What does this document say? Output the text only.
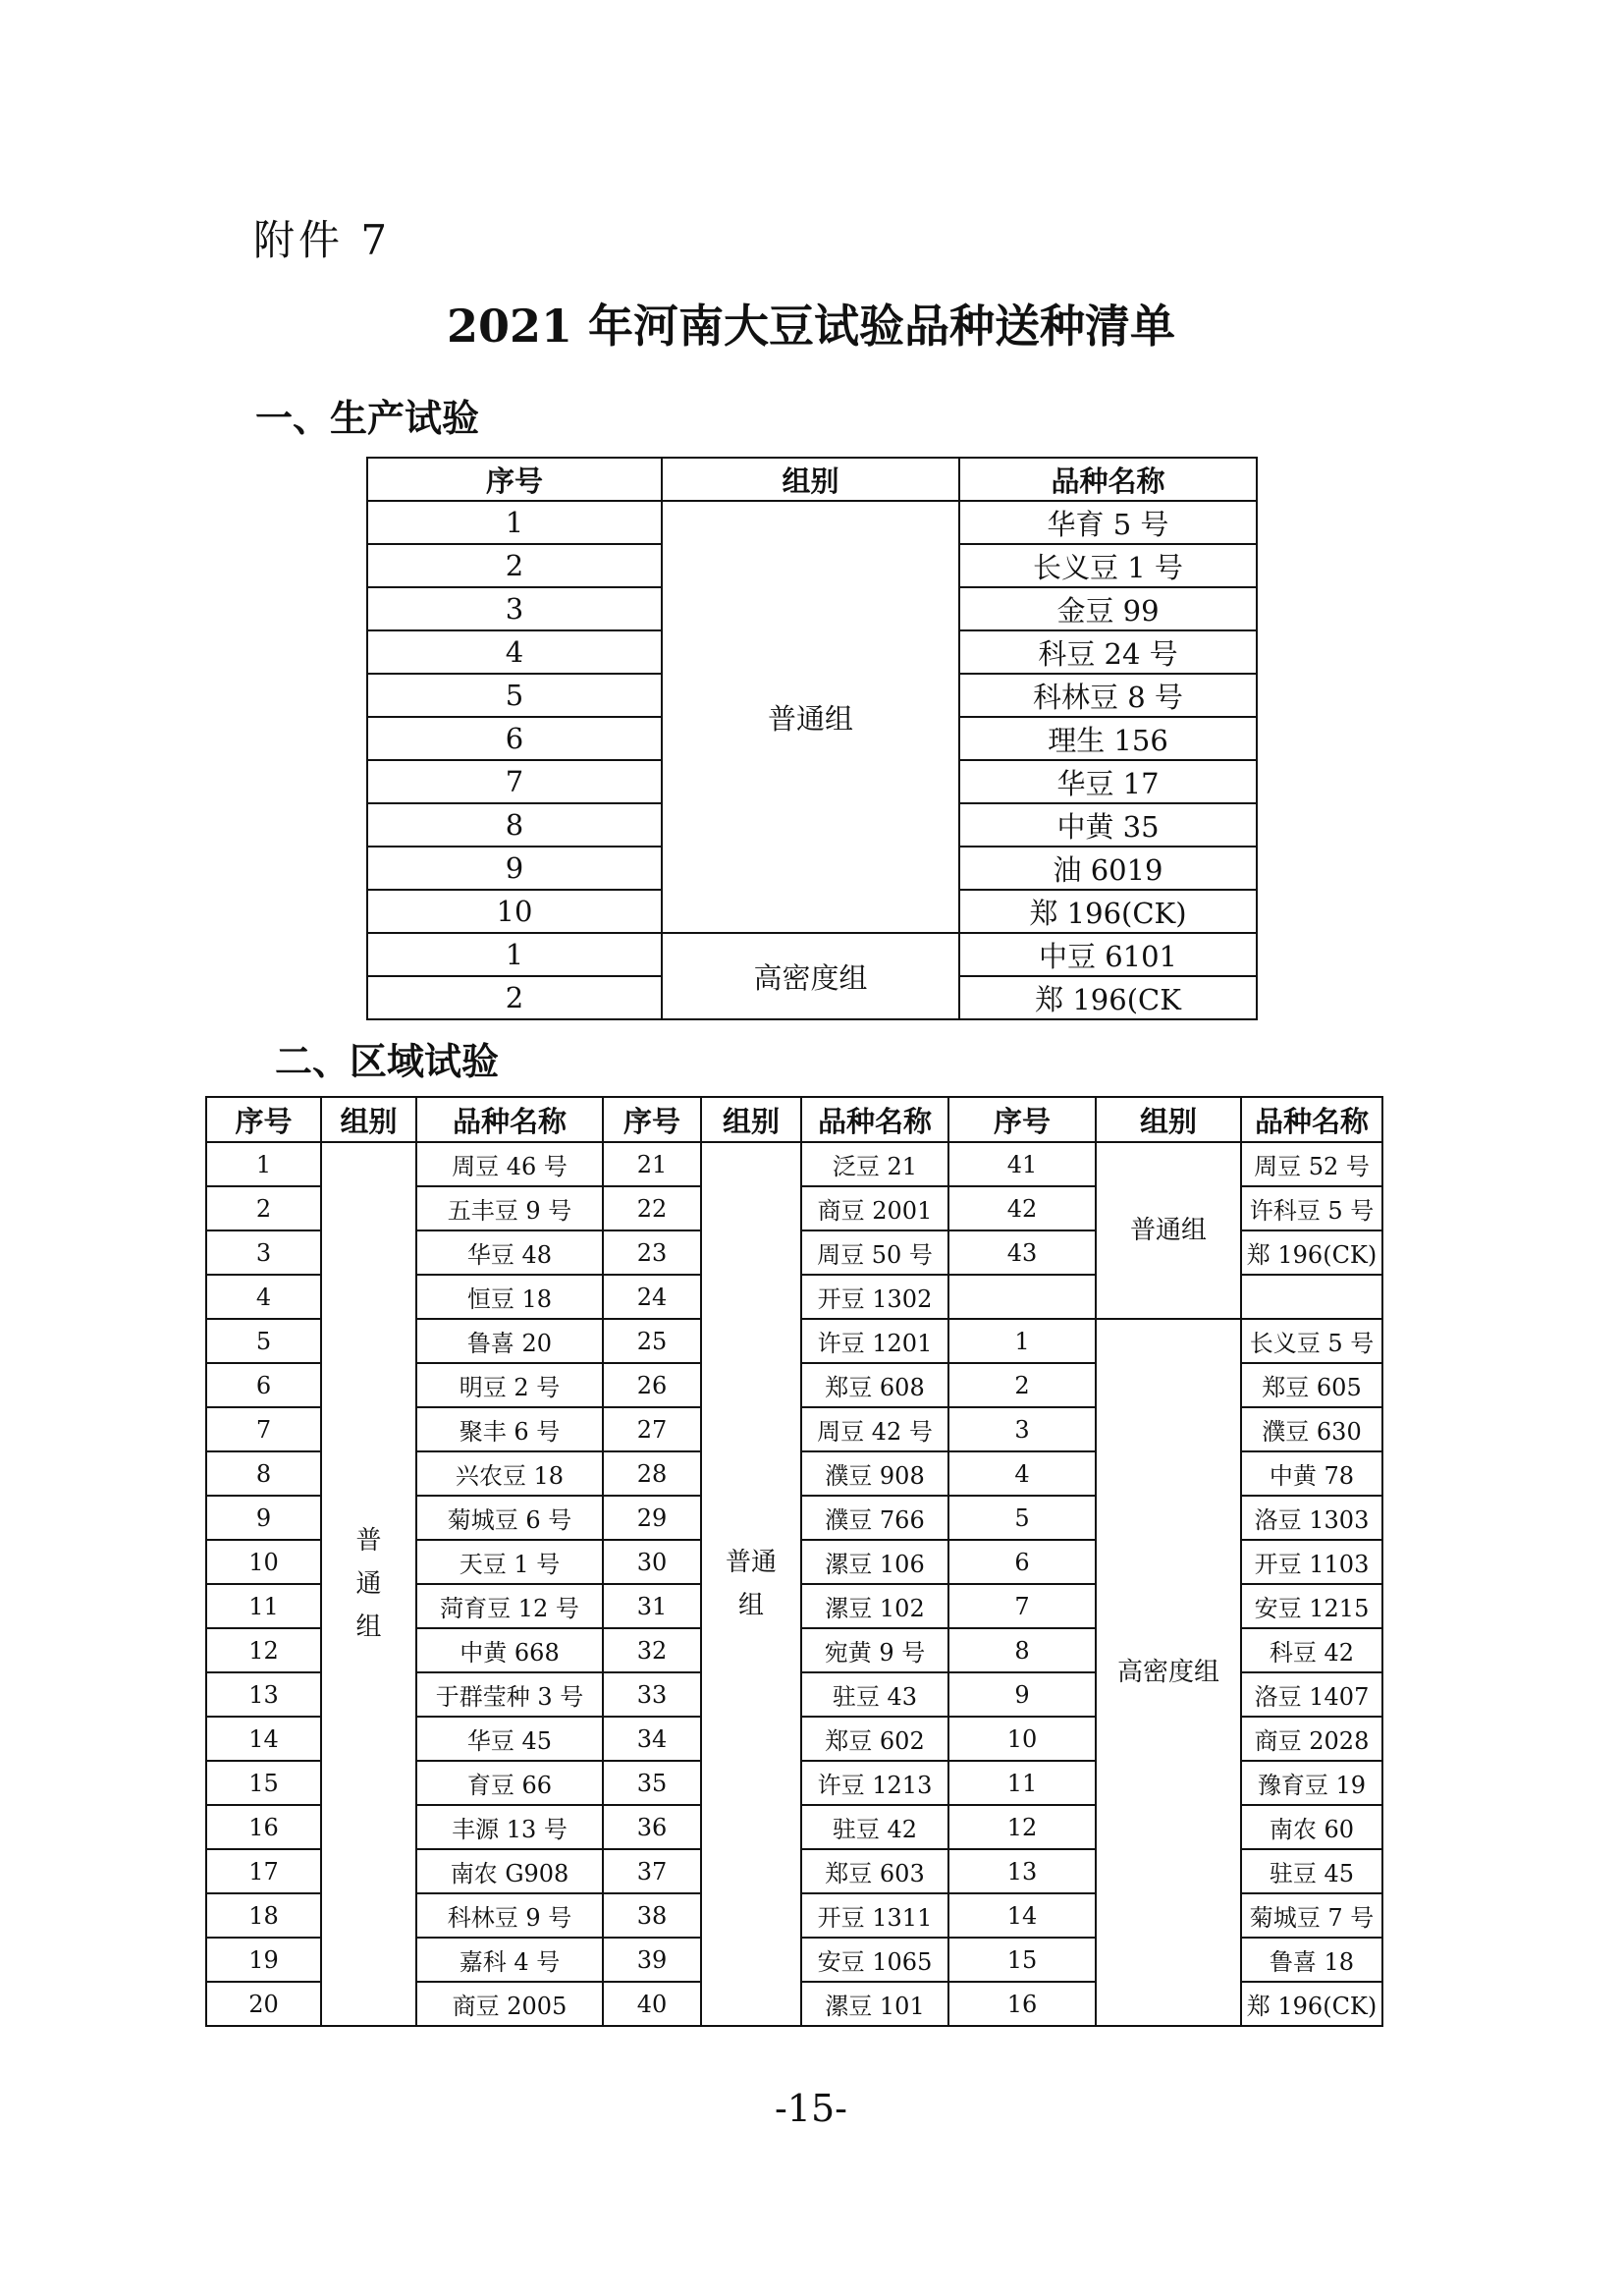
附件 7
2021 年河南大豆试验品种送种清单
一、生产试验
序号	组别	品种名称
1	普通组	华育 5 号
2		长义豆 1 号
3		金豆 99
4		科豆 24 号
5		科林豆 8 号
6		理生 156
7		华豆 17
8		中黄 35
9		油 6019
10		郑 196(CK)
1	高密度组	中豆 6101
2		郑 196(CK
二、区域试验
序号	组别	品种名称	序号	组别	品种名称	序号	组别	品种名称
1	普通组	周豆 46 号	21	普通组	泛豆 21	41	普通组	周豆 52 号
2		五丰豆 9 号	22		商豆 2001	42		许科豆 5 号
3		华豆 48	23		周豆 50 号	43		郑 196(CK)
4		恒豆 18	24		开豆 1302			
5		鲁喜 20	25		许豆 1201	1	高密度组	长义豆 5 号
6		明豆 2 号	26		郑豆 608	2		郑豆 605
7		聚丰 6 号	27		周豆 42 号	3		濮豆 630
8		兴农豆 18	28		濮豆 908	4		中黄 78
9		菊城豆 6 号	29		濮豆 766	5		洛豆 1303
10		天豆 1 号	30		漯豆 106	6		开豆 1103
11		菏育豆 12 号	31		漯豆 102	7		安豆 1215
12		中黄 668	32		宛黄 9 号	8		科豆 42
13		于群莹种 3 号	33		驻豆 43	9		洛豆 1407
14		华豆 45	34		郑豆 602	10		商豆 2028
15		育豆 66	35		许豆 1213	11		豫育豆 19
16		丰源 13 号	36		驻豆 42	12		南农 60
17		南农 G908	37		郑豆 603	13		驻豆 45
18		科林豆 9 号	38		开豆 1311	14		菊城豆 7 号
19		嘉科 4 号	39		安豆 1065	15		鲁喜 18
20		商豆 2005	40		漯豆 101	16		郑 196(CK)
-15-
